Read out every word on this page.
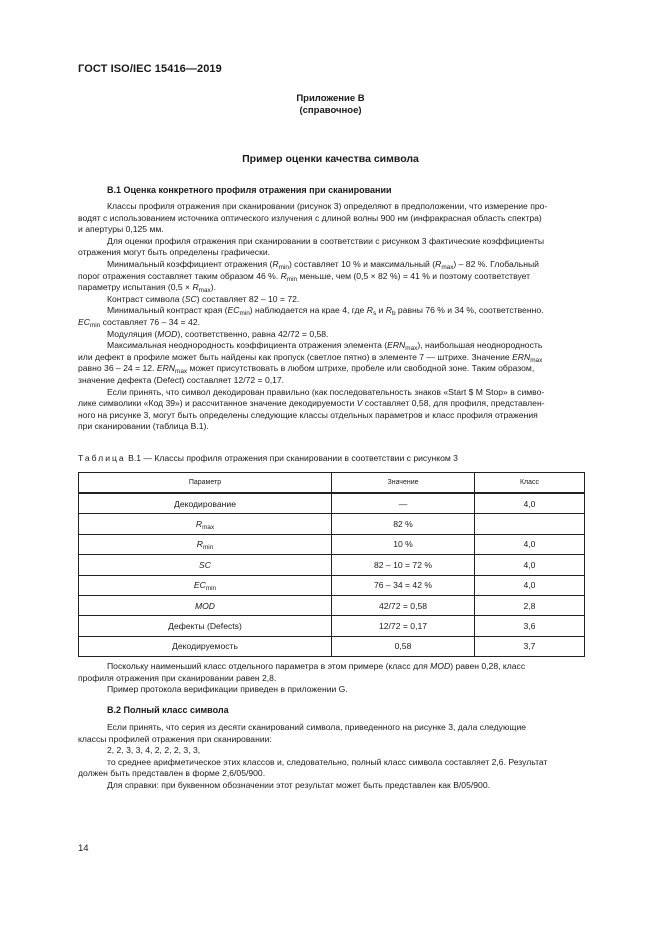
ГОСТ ISO/IEC 15416—2019
Приложение В
(справочное)
Пример оценки качества символа
В.1 Оценка конкретного профиля отражения при сканировании

Классы профиля отражения при сканировании (рисунок 3) определяют в предположении, что измерение про-
водят с использованием источника оптического излучения с длиной волны 900 нм (инфракрасная область спектра)
и апертуры 0,125 мм.

Для оценки профиля отражения при сканировании в соответствии с рисунком 3 фактические коэффициенты
отражения могут быть определены графически.

Минимальный коэффициент отражения $(R_{min})$ составляет 10 % и максимальный $(R_{max}) - 82$ %. Глобальный
порог отражения составляет таким образом 46 %. $R_{min}$ меньше, чем (0,5 × 82 %) = 41 % и поэтому соответствует
параметру испытания $(0,5 \times R_{max})$.

Контраст символа (SC) составляет 82 – 10 = 72.

Минимальный контраст края $(EC_{min})$ наблюдается на крае 4, где $R_s$ и $R_b$ равны 76 % и 34 %, соответственно.
$EC_{min}$ составляет 76 – 34 = 42.

Модуляция (MOD), соответственно, равна 42/72 = 0,58.

Максимальная неоднородность коэффициента отражения элемента $(ERN_{max})$, наибольшая неоднородность
или дефект в профиле может быть найдены как пропуск (светлое пятно) в элементе 7 — штрихе. Значение $ERN_{max}$
равно 36 – 24 = 12. $ERN_{max}$ может присутствовать в любом штрихе, пробеле или свободной зоне. Таким образом,
значение дефекта (Defect) составляет 12/72 = 0,17.

Если принять, что символ декодирован правильно (как последовательность знаков «Start $ M Stop» в симво-
лике символики «Код 39») и рассчитанное значение декодируемости V составляет 0,58, для профиля, представлен-
ного на рисунке 3, могут быть определены следующие классы отдельных параметров и класс профиля отражения
при сканировании (таблица В.1).

Таблица В.1 — Классы профиля отражения при сканировании в соответствии с рисунком 3
Параметр	Значение	Класс
Декодирование	—	4,0
$R_{max}$	82 %	
$R_{min}$	10 %	4,0
SC	82 – 10 = 72 %	4,0
$EC_{min}$	76 – 34 = 42 %	4,0
MOD	42/72 = 0,58	2,8
Дефекты (Defects)	12/72 = 0,17	3,6
Декодируемость	0,58	3,7

Поскольку наименьший класс отдельного параметра в этом примере (класс для MOD) равен 0,28, класс
профиля отражения при сканировании равен 2,8.

Пример протокола верификации приведен в приложении G.

В.2 Полный класс символа

Если принять, что серия из десяти сканирований символа, приведенного на рисунке 3, дала следующие
классы профилей отражения при сканировании:

2, 2, 3, 3, 4, 2, 2, 2, 3, 3,

то среднее арифметическое этих классов и, следовательно, полный класс символа составляет 2,6. Результат
должен быть представлен в форме 2,6/05/900.

Для справки: при буквенном обозначении этот результат может быть представлен как В/05/900.

14
